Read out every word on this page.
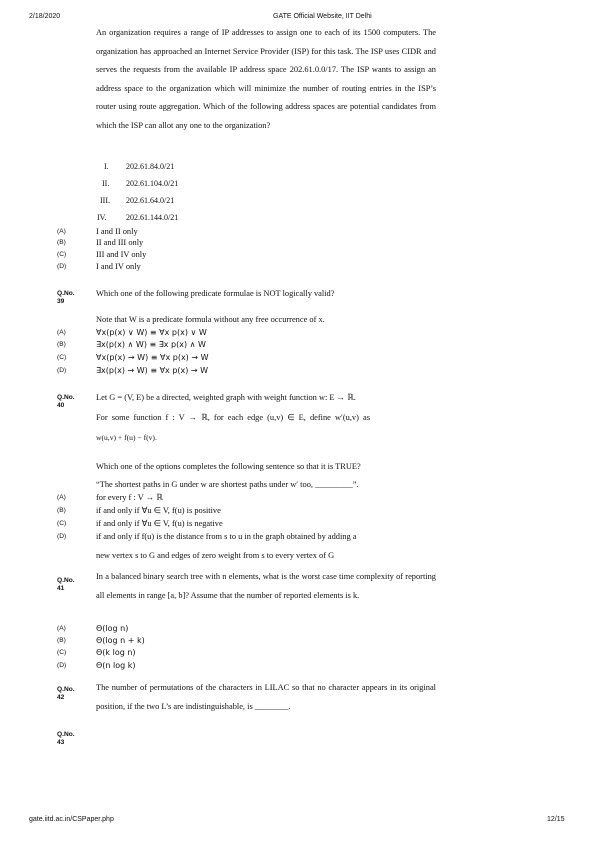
2/18/2020	GATE Official Website, IIT Delhi
gate.iitd.ac.in/CSPaper.php	12/15
An organization requires a range of IP addresses to assign one to each of its 1500 computers. The organization has approached an Internet Service Provider (ISP) for this task. The ISP uses CIDR and serves the requests from the available IP address space 202.61.0.0/17. The ISP wants to assign an address space to the organization which will minimize the number of routing entries in the ISP’s router using route aggregation. Which of the following address spaces are potential candidates from which the ISP can allot any one to the organization?
I. 202.61.84.0/21
II. 202.61.104.0/21
III. 202.61.64.0/21
IV. 202.61.144.0/21
(A)	I and II only
(B)	II and III only
(C)	III and IV only
(D)	I and IV only
Q.No.
39
Which one of the following predicate formulae is NOT logically valid?
Note that W is a predicate formula without any free occurrence of x.
(A)	∀x(p(x) ∨ W) ≡ ∀x p(x) ∨ W
(B)	∃x(p(x) ∧ W) ≡ ∃x p(x) ∧ W
(C)	∀x(p(x) → W) ≡ ∀x p(x) → W
(D)	∃x(p(x) → W) ≡ ∀x p(x) → W
Q.No.
40
Let G = (V, E) be a directed, weighted graph with weight function w: E → ℝ.
For some function f : V → ℝ, for each edge (u,v) ∈ E, define w′(u,v) as
w(u,v) + f(u) − f(v).
Which one of the options completes the following sentence so that it is TRUE?
“The shortest paths in G under w are shortest paths under w′ too, _________”.
(A)	for every f : V → ℝ
(B)	if and only if ∀u ∈ V, f(u) is positive
(C)	if and only if ∀u ∈ V, f(u) is negative
(D)	if and only if f(u) is the distance from s to u in the graph obtained by adding a
new vertex s to G and edges of zero weight from s to every vertex of G
Q.No.
41
In a balanced binary search tree with n elements, what is the worst case time complexity of reporting all elements in range [a, b]? Assume that the number of reported elements is k.
(A)	Θ(log n)
(B)	Θ(log n + k)
(C)	Θ(k log n)
(D)	Θ(n log k)
Q.No.
42
The number of permutations of the characters in LILAC so that no character appears in its original position, if the two L’s are indistinguishable, is ________.
Q.No.
43
